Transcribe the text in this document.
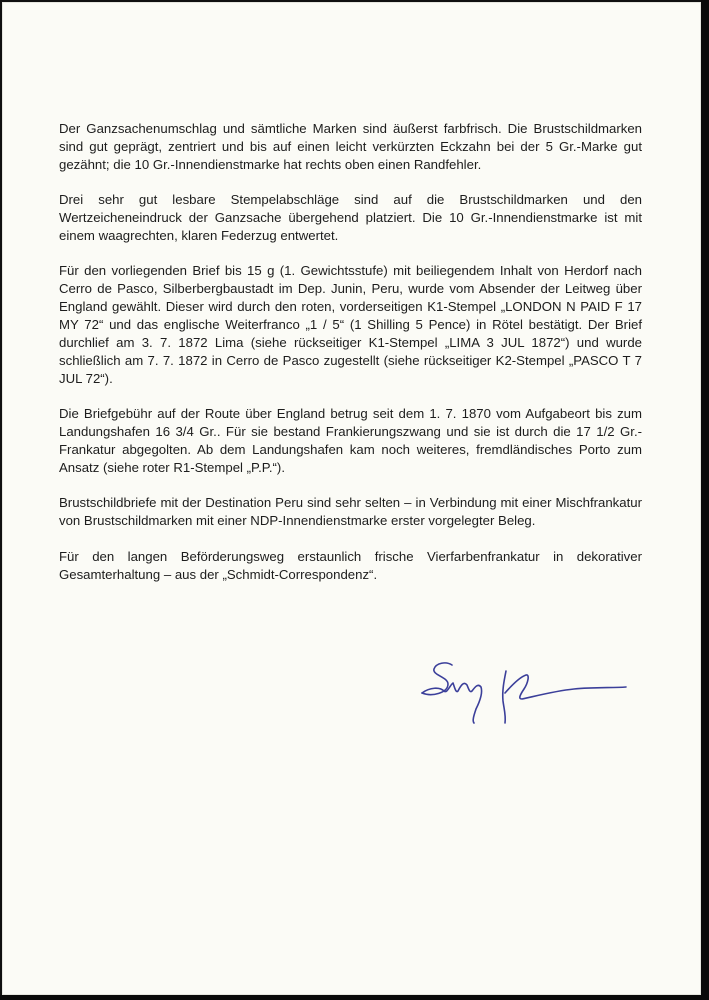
Der Ganzsachenumschlag und sämtliche Marken sind äußerst farbfrisch. Die Brustschildmarken sind gut geprägt, zentriert und bis auf einen leicht verkürzten Eckzahn bei der 5 Gr.-Marke gut gezähnt; die 10 Gr.-Innendienstmarke hat rechts oben einen Randfehler.

Drei sehr gut lesbare Stempelabschläge sind auf die Brustschildmarken und den Wertzeicheneindruck der Ganzsache übergehend platziert. Die 10 Gr.-Innendienstmarke ist mit einem waagrechten, klaren Federzug entwertet.

Für den vorliegenden Brief bis 15 g (1. Gewichtsstufe) mit beiliegendem Inhalt von Herdorf nach Cerro de Pasco, Silberbergbaustadt im Dep. Junin, Peru, wurde vom Absender der Leitweg über England gewählt. Dieser wird durch den roten, vorderseitigen K1-Stempel „LONDON N PAID F 17 MY 72“ und das englische Weiterfranco „1 / 5“ (1 Shilling 5 Pence) in Rötel bestätigt. Der Brief durchlief am 3. 7. 1872 Lima (siehe rückseitiger K1-Stempel „LIMA 3 JUL 1872“) und wurde schließlich am 7. 7. 1872 in Cerro de Pasco zugestellt (siehe rückseitiger K2-Stempel „PASCO T 7 JUL 72“).

Die Briefgebühr auf der Route über England betrug seit dem 1. 7. 1870 vom Aufgabeort bis zum Landungshafen 16 3/4 Gr.. Für sie bestand Frankierungszwang und sie ist durch die 17 1/2 Gr.-Frankatur abgegolten. Ab dem Landungshafen kam noch weiteres, fremdländisches Porto zum Ansatz (siehe roter R1-Stempel „P.P.“).

Brustschildbriefe mit der Destination Peru sind sehr selten – in Verbindung mit einer Mischfrankatur von Brustschildmarken mit einer NDP-Innendienstmarke erster vorgelegter Beleg.

Für den langen Beförderungsweg erstaunlich frische Vierfarbenfrankatur in dekorativer Gesamterhaltung – aus der „Schmidt-Correspondenz“.
